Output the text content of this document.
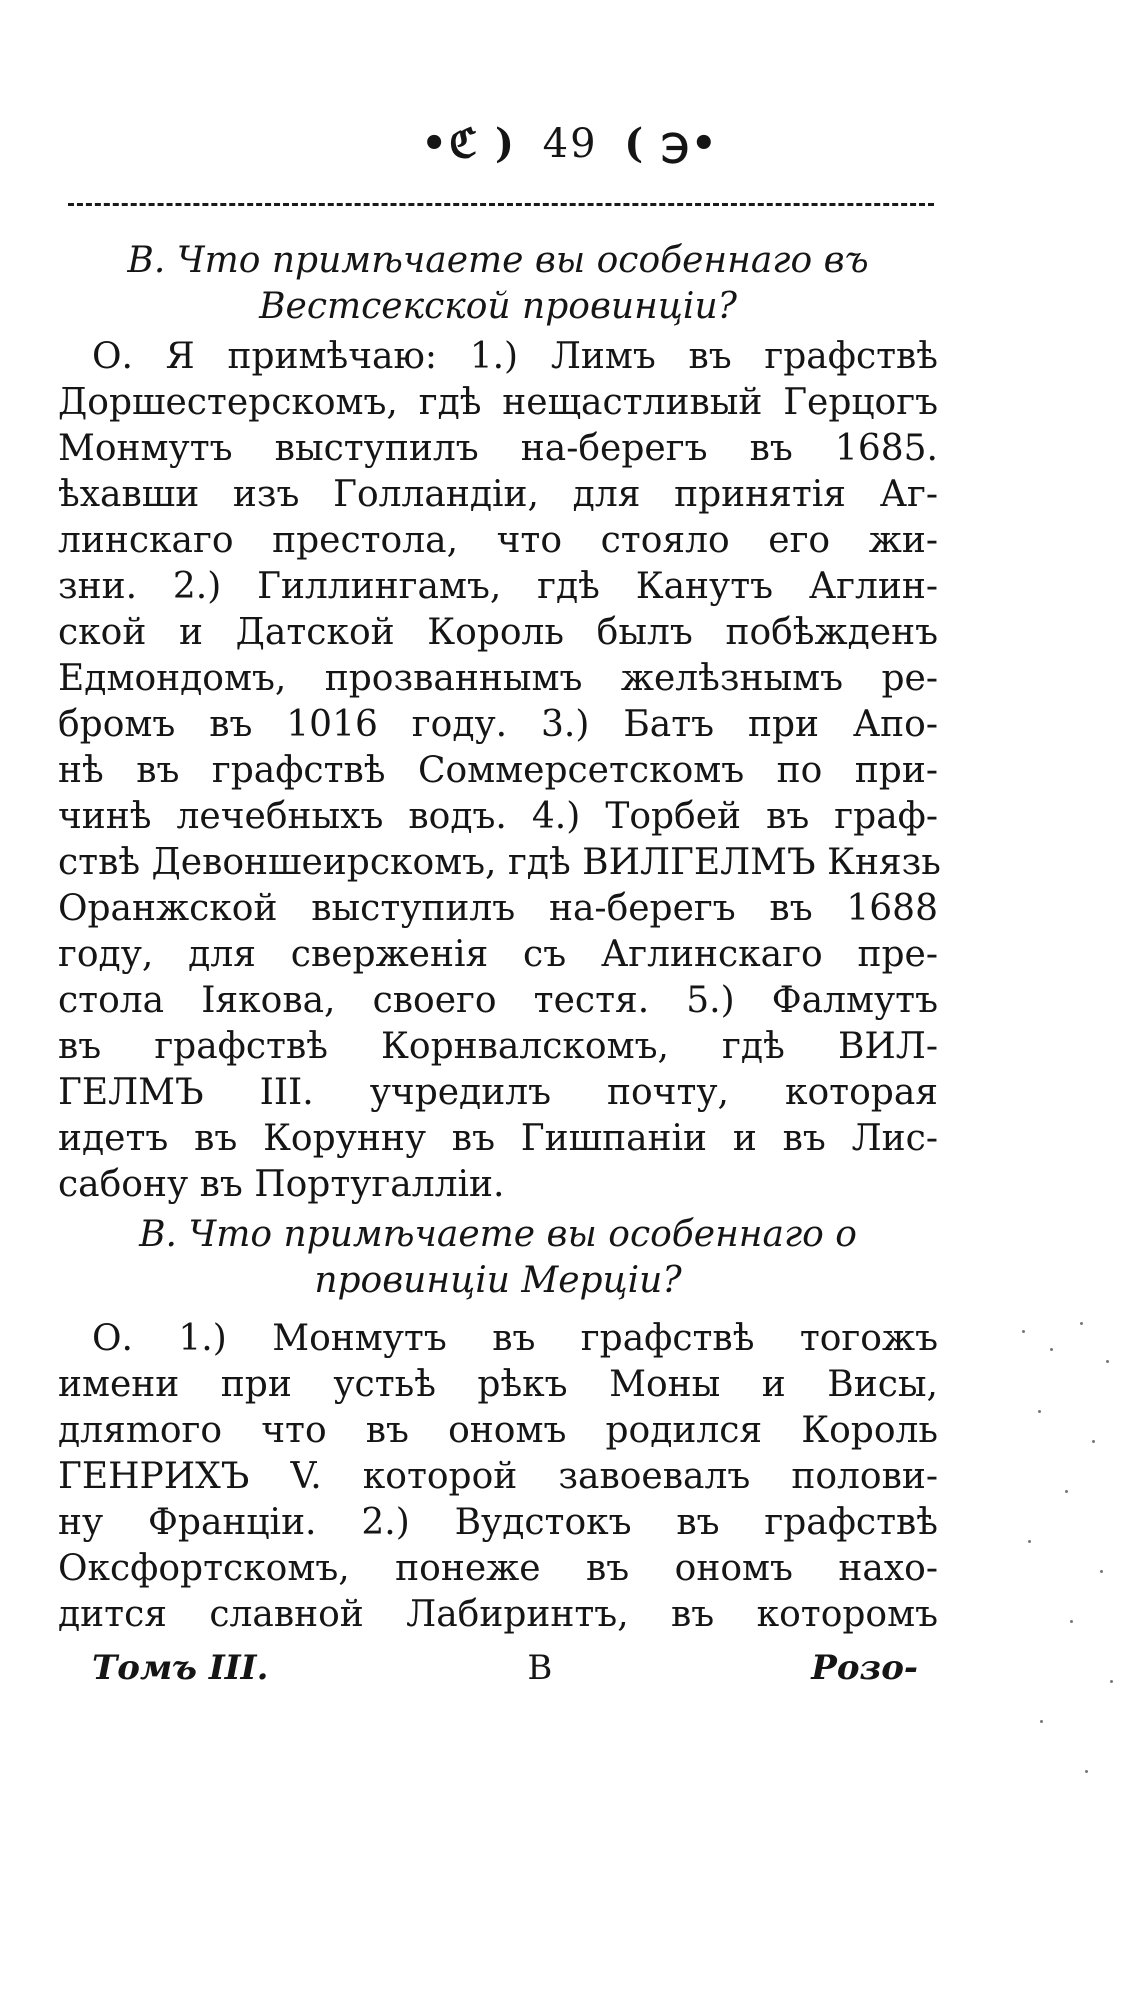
•ℭ ) 49 ( ℈•
В. Что примѣчаете вы особеннаго въ
Вестсекской провинціи?
О. Я примѣчаю: 1.) Лимъ въ графствѣ
Доршестерскомъ, гдѣ нещастливый Герцогъ
Монмутъ выступилъ на-берегъ въ 1685.
ѣхавши изъ Голландіи, для принятія Аг-
линскаго престола, что стояло его жи-
зни. 2.) Гиллингамъ, гдѣ Канутъ Аглин-
ской и Датской Король былъ побѣжденъ
Едмондомъ, прозваннымъ желѣзнымъ ре-
бромъ въ 1016 году. 3.) Батъ при Апо-
нѣ въ графствѣ Соммерсетскомъ по при-
чинѣ лечебныхъ водъ. 4.) Торбей въ граф-
ствѣ Девоншеирскомъ, гдѣ ВИЛГЕЛМЪ Князь
Оранжской выступилъ на-берегъ въ 1688
году, для сверженія съ Аглинскаго пре-
стола Іякова, своего тестя. 5.) Фалмутъ
въ графствѣ Корнвалскомъ, гдѣ ВИЛ-
ГЕЛМЪ III. учредилъ почту, которая
идетъ въ Корунну въ Гишпаніи и въ Лис-
сабону въ Португалліи.
В. Что примѣчаете вы особеннаго о
провинціи Мерціи?
О. 1.) Монмутъ въ графствѣ тогожъ
имени при устьѣ рѣкъ Моны и Висы,
дляmого что въ ономъ родился Король
ГЕНРИХЪ V. которой завоевалъ полови-
ну Франціи. 2.) Вудстокъ въ графствѣ
Оксфортскомъ, понеже въ ономъ нахо-
дится славной Лабиринтъ, въ которомъ
Томъ III.	В	Розо-
